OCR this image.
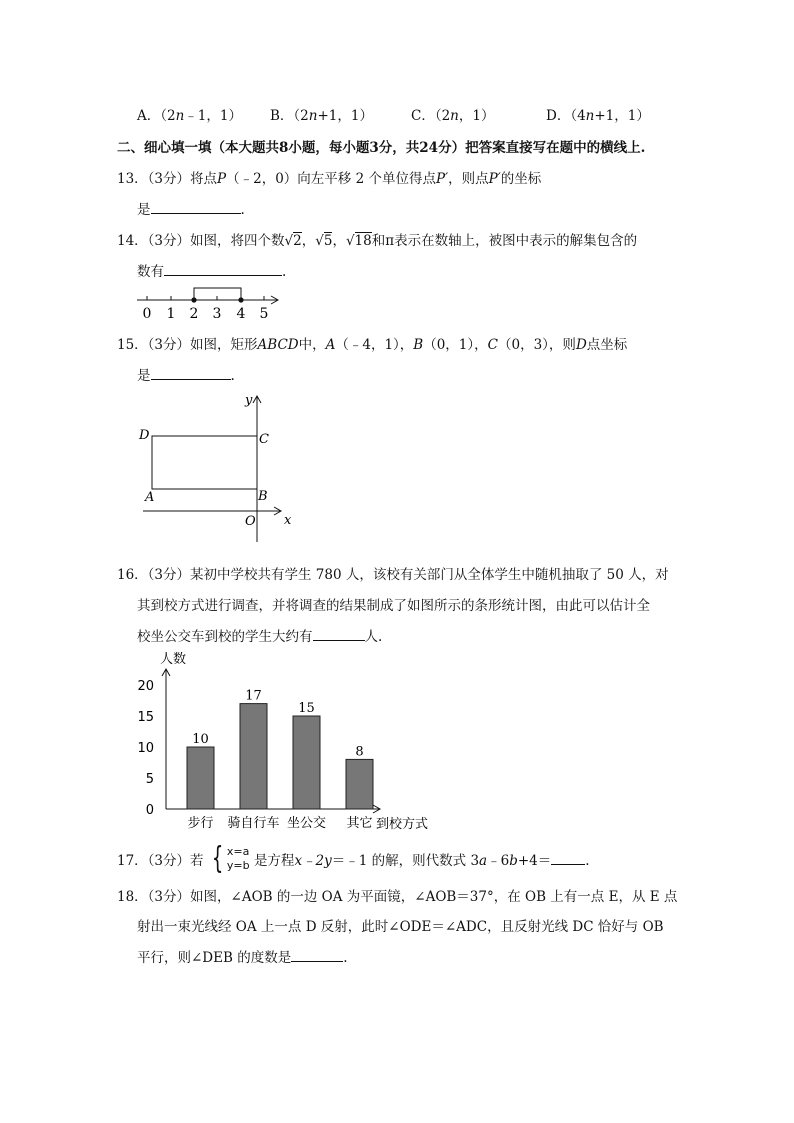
A．（2n﹣1，1） B．（2n+1，1）	C．（2n，1）	D．（4n+1，1）
二、细心填一填（本大题共8小题，每小题3分，共24分）把答案直接写在题中的横线上.
13．（3分）将点P（﹣2，0）向左平移 2 个单位得点P′，则点P′的坐标
是	.
14．（3分）如图，将四个数√2，√5，√18和π表示在数轴上，被图中表示的解集包含的
数有	.
0 1 2 3 4 5
15．（3分）如图，矩形ABCD中，A（﹣4，1），B（0，1），C（0，3），则D点坐标
是	.
y
x
D	C
A	B
O
16．（3分）某初中学校共有学生 780 人，该校有关部门从全体学生中随机抽取了 50 人，对
其到校方式进行调查，并将调查的结果制成了如图所示的条形统计图，由此可以估计全
校坐公交车到校的学生大约有	人.
人数
到校方式
0
5
10
15
20
10
步行
17
骑自行车
15
坐公交
8
其它
17．（3分）若 { x=a
y=b 是方程x﹣2y＝﹣1 的解，则代数式 3a﹣6b+4＝	.
18．（3分）如图，∠AOB 的一边 OA 为平面镜，∠AOB＝37°，在 OB 上有一点 E，从 E 点
射出一束光线经 OA 上一点 D 反射，此时∠ODE＝∠ADC，且反射光线 DC 恰好与 OB
平行，则∠DEB 的度数是	.
